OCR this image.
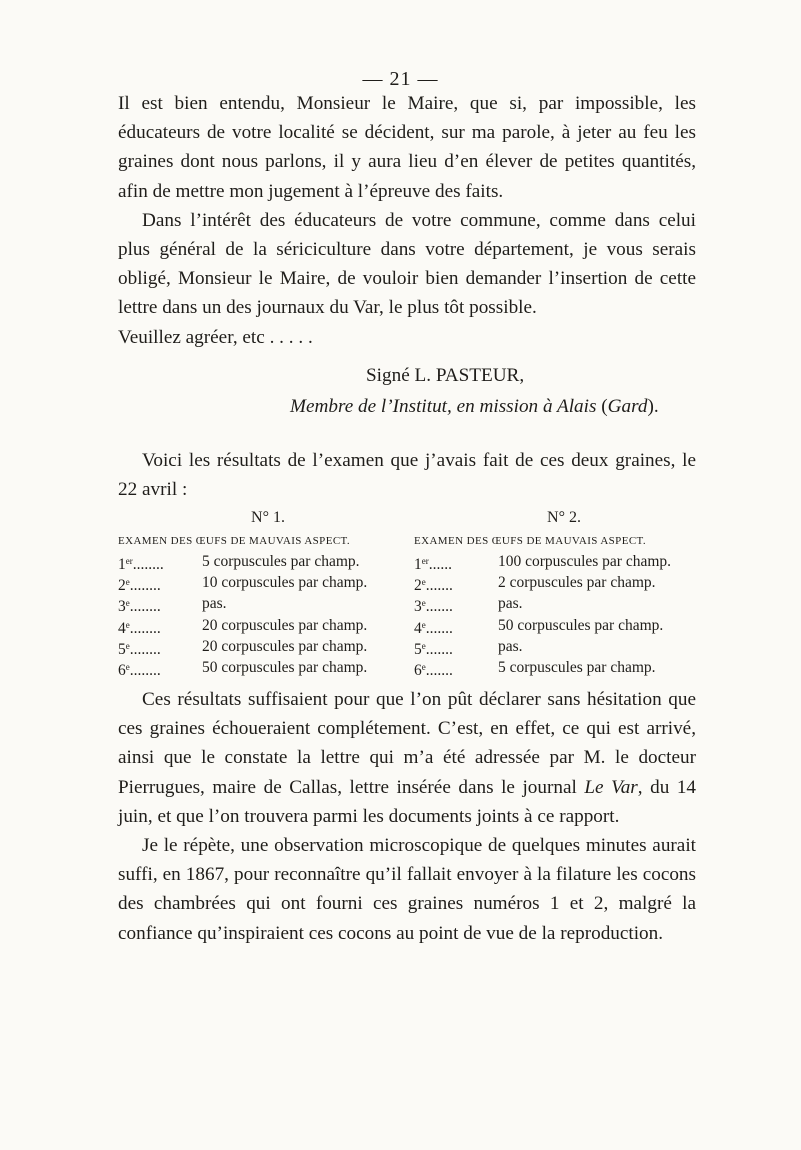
— 21 —

Il est bien entendu, Monsieur le Maire, que si, par impossible, les éducateurs de votre localité se décident, sur ma parole, à jeter au feu les graines dont nous parlons, il y aura lieu d’en élever de petites quantités, afin de mettre mon jugement à l’épreuve des faits.

Dans l’intérêt des éducateurs de votre commune, comme dans celui plus général de la sériciculture dans votre département, je vous serais obligé, Monsieur le Maire, de vouloir bien demander l’insertion de cette lettre dans un des journaux du Var, le plus tôt possible.

Veuillez agréer, etc . . . . .

Signé L. PASTEUR,
Membre de l’Institut, en mission à Alais (Gard).

Voici les résultats de l’examen que j’avais fait de ces deux graines, le 22 avril :

N° 1.
EXAMEN DES ŒUFS DE MAUVAIS ASPECT.
1er........ 5 corpuscules par champ.
2e........	10 corpuscules par champ.
3e........	pas.
4e........	20 corpuscules par champ.
5e........	20 corpuscules par champ.
6e........	50 corpuscules par champ.
N° 2.
EXAMEN DES ŒUFS DE MAUVAIS ASPECT.
1er......	100 corpuscules par champ.
2e.......	2 corpuscules par champ.
3e.......	pas.
4e.......	50 corpuscules par champ.
5e.......	pas.
6e.......	5 corpuscules par champ.

Ces résultats suffisaient pour que l’on pût déclarer sans hésitation que ces graines échoueraient complétement. C’est, en effet, ce qui est arrivé, ainsi que le constate la lettre qui m’a été adressée par M. le docteur Pierrugues, maire de Callas, lettre insérée dans le journal Le Var, du 14 juin, et que l’on trouvera parmi les documents joints à ce rapport.

Je le répète, une observation microscopique de quelques minutes aurait suffi, en 1867, pour reconnaître qu’il fallait envoyer à la filature les cocons des chambrées qui ont fourni ces graines numéros 1 et 2, malgré la confiance qu’inspiraient ces cocons au point de vue de la reproduction.
